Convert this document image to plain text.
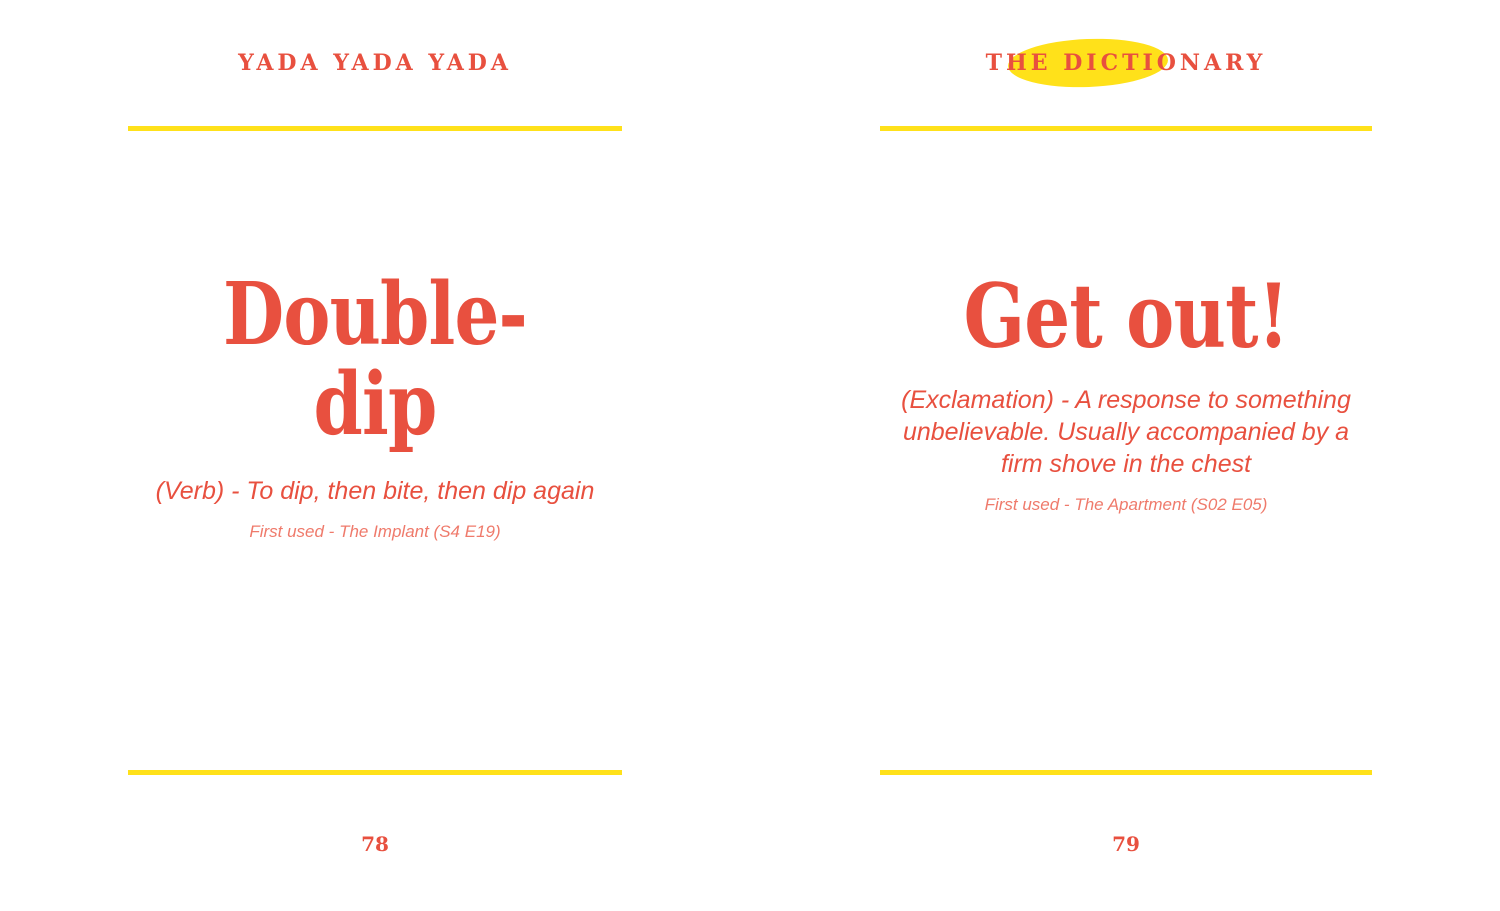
YADA YADA YADA
Double-dip
(Verb) - To dip, then bite, then dip again
First used - The Implant (S4 E19)
78
THE DICTIONARY
Get out!
(Exclamation) - A response to something unbelievable. Usually accompanied by a firm shove in the chest
First used - The Apartment (S02 E05)
79
